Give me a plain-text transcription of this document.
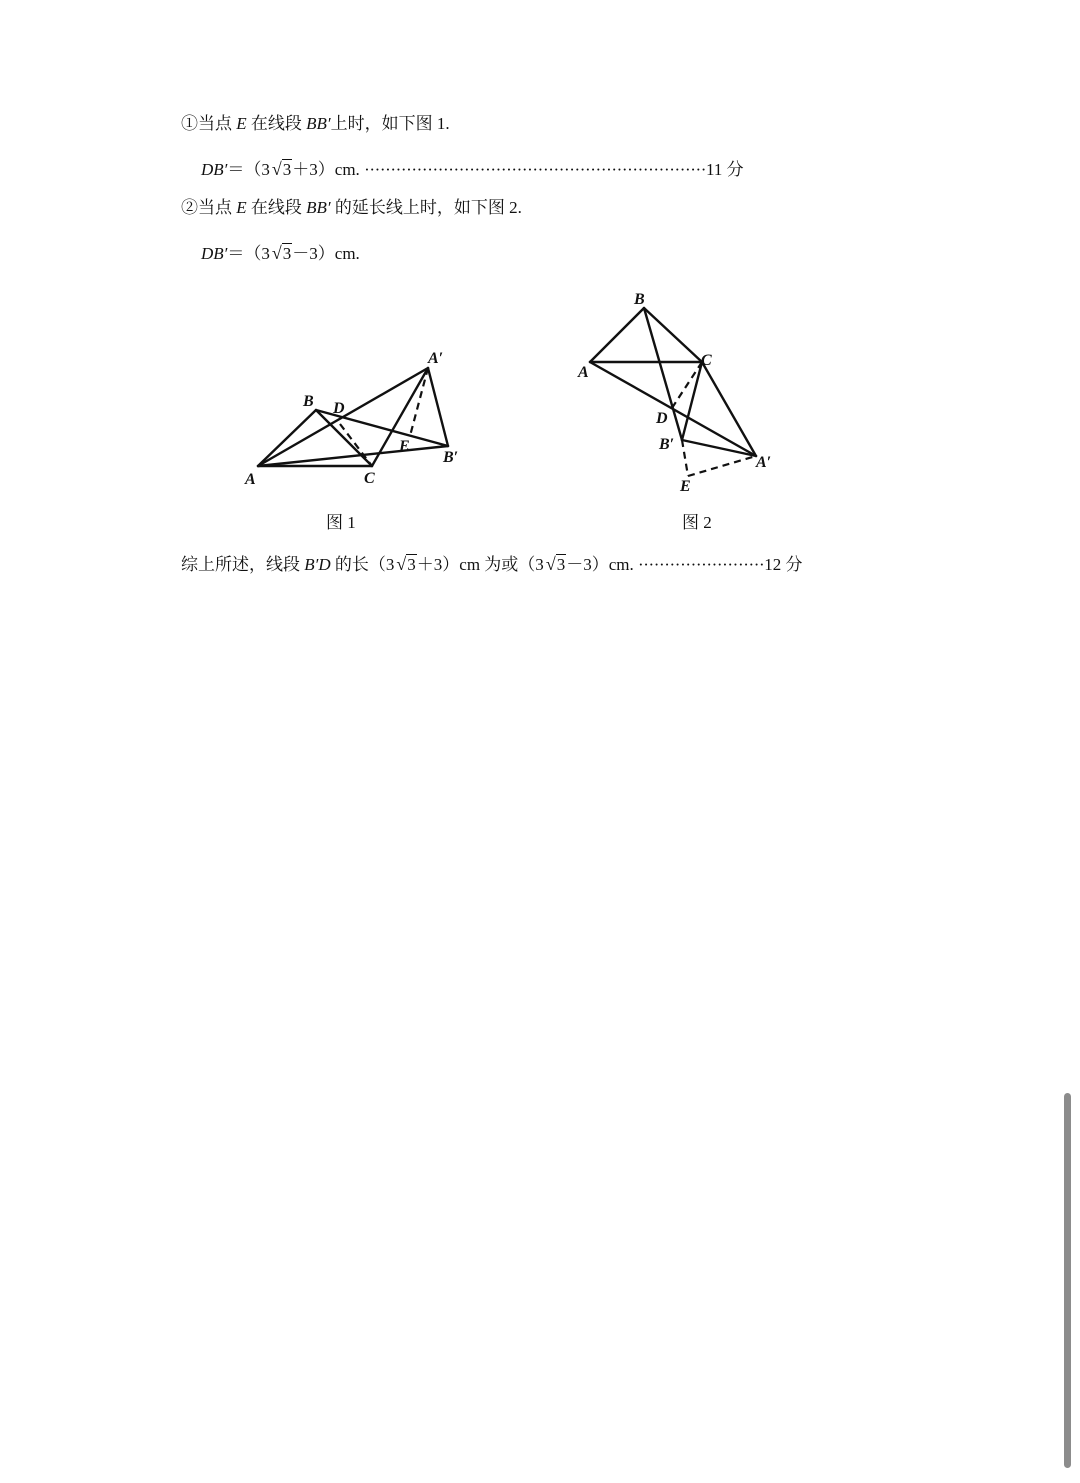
①当点 E 在线段 BB′上时，如下图 1.
DB′＝（3 √3＋3）cm. ·································································11 分
②当点 E 在线段 BB′ 的延长线上时，如下图 2.
DB′＝（3 √3－3）cm.
A
B
C
D
E
A′
B′
图 1
B
A
C
D
B′
A′
E
图 2
综上所述，线段 B′D 的长（3 √3＋3）cm 为或（3 √3－3）cm. ························12 分
